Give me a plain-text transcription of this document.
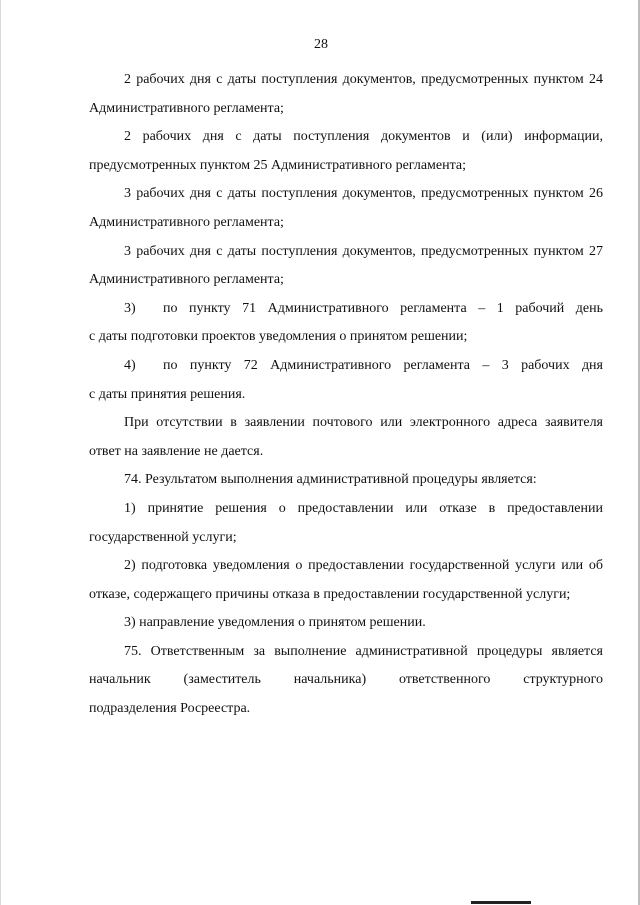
28

2 рабочих дня с даты поступления документов, предусмотренных пунктом 24 Административного регламента;

2 рабочих дня с даты поступления документов и (или) информации, предусмотренных пунктом 25 Административного регламента;

3 рабочих дня с даты поступления документов, предусмотренных пунктом 26 Административного регламента;

3 рабочих дня с даты поступления документов, предусмотренных пунктом 27 Административного регламента;

3)	по пункту 71 Административного регламента – 1 рабочий день

с даты подготовки проектов уведомления о принятом решении;

4)	по пункту 72 Административного регламента – 3 рабочих дня

с даты принятия решения.

При отсутствии в заявлении почтового или электронного адреса заявителя ответ на заявление не дается.

74. Результатом выполнения административной процедуры является:

1) принятие решения о предоставлении или отказе в предоставлении государственной услуги;

2) подготовка уведомления о предоставлении государственной услуги или об отказе, содержащего причины отказа в предоставлении государственной услуги;

3) направление уведомления о принятом решении.

75. Ответственным за выполнение административной процедуры является

начальник (заместитель начальника) ответственного структурного

подразделения Росреестра.
